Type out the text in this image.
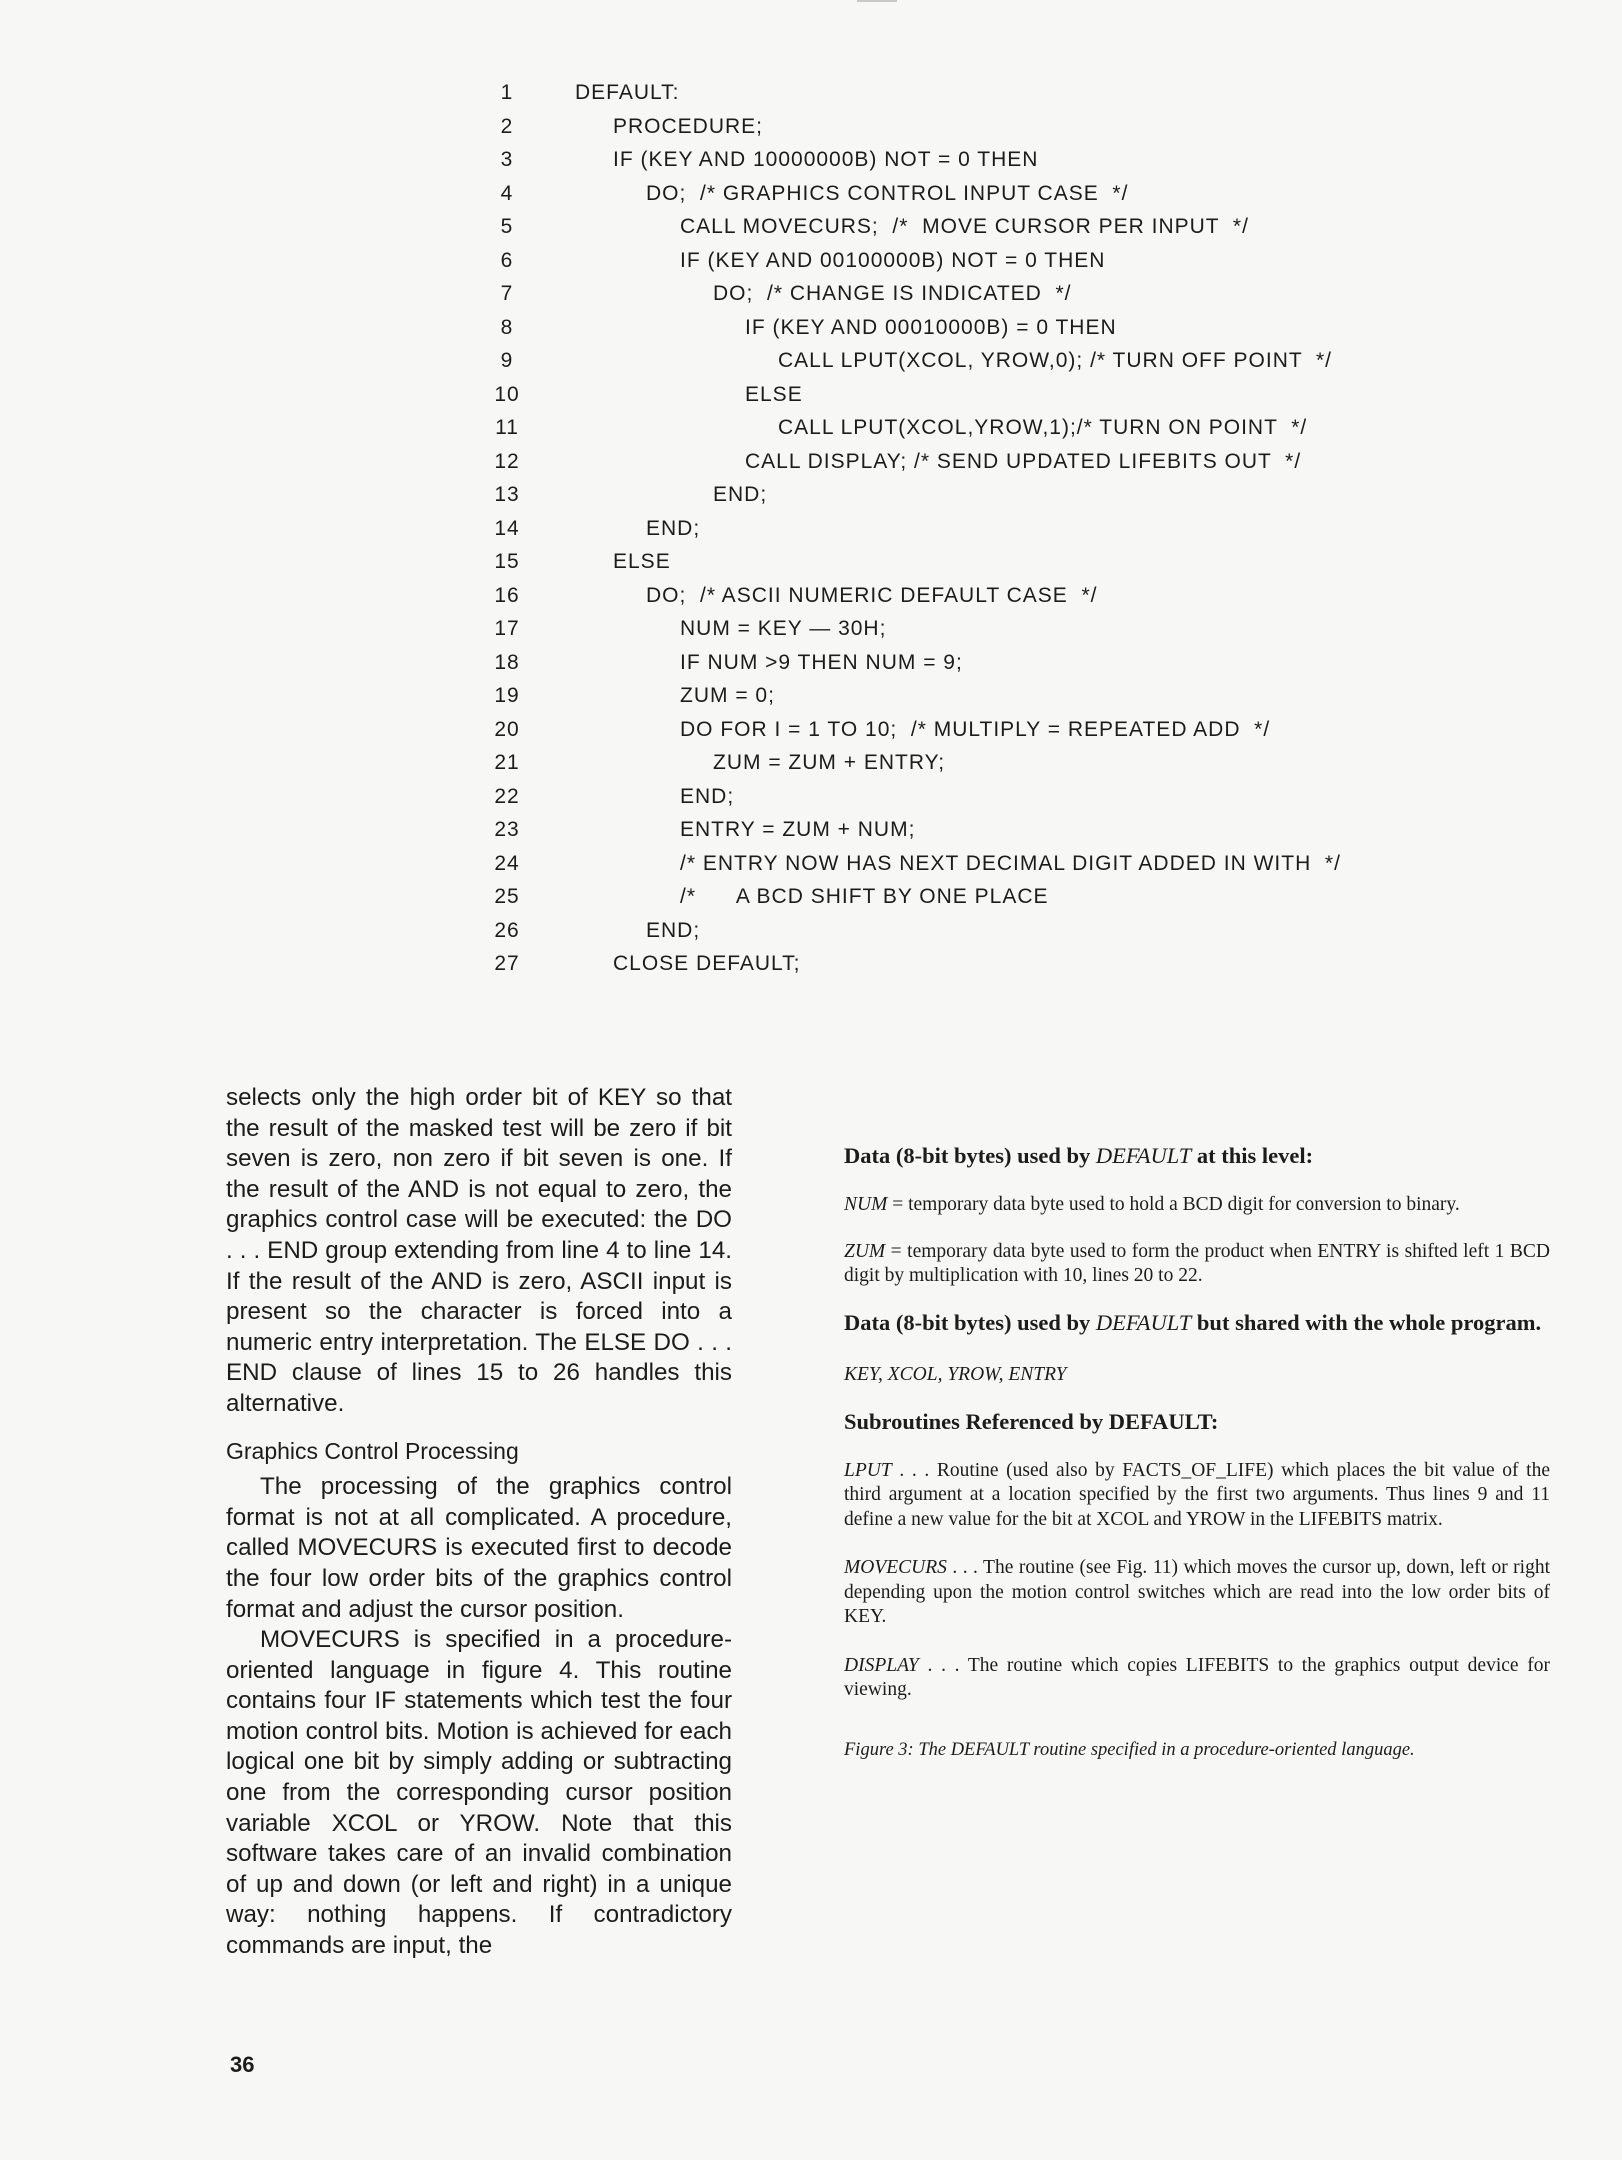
1	DEFAULT:
2	PROCEDURE;
3	IF (KEY AND 10000000B) NOT = 0 THEN
4	DO;  /* GRAPHICS CONTROL INPUT CASE  */
5	CALL MOVECURS;  /*  MOVE CURSOR PER INPUT  */
6	IF (KEY AND 00100000B) NOT = 0 THEN
7	DO;  /* CHANGE IS INDICATED  */
8	IF (KEY AND 00010000B) = 0 THEN
9	CALL LPUT(XCOL, YROW,0); /* TURN OFF POINT  */
10	ELSE
11	CALL LPUT(XCOL,YROW,1);/* TURN ON POINT  */
12	CALL DISPLAY; /* SEND UPDATED LIFEBITS OUT  */
13	END;
14	END;
15	ELSE
16	DO;  /* ASCII NUMERIC DEFAULT CASE  */
17	NUM = KEY — 30H;
18	IF NUM >9 THEN NUM = 9;
19	ZUM = 0;
20	DO FOR I = 1 TO 10;  /* MULTIPLY = REPEATED ADD  */
21	ZUM = ZUM + ENTRY;
22	END;
23	ENTRY = ZUM + NUM;
24	/* ENTRY NOW HAS NEXT DECIMAL DIGIT ADDED IN WITH  */
25	/*      A BCD SHIFT BY ONE PLACE
26	END;
27	CLOSE DEFAULT;

selects only the high order bit of KEY so that the result of the masked test will be zero if bit seven is zero, non zero if bit seven is one. If the result of the AND is not equal to zero, the graphics control case will be executed: the DO . . . END group extending from line 4 to line 14. If the result of the AND is zero, ASCII input is present so the character is forced into a numeric entry interpretation. The ELSE DO . . . END clause of lines 15 to 26 handles this alternative.

Graphics Control Processing

The processing of the graphics control format is not at all complicated. A procedure, called MOVECURS is executed first to decode the four low order bits of the graphics control format and adjust the cursor position.

MOVECURS is specified in a procedure-oriented language in figure 4. This routine contains four IF statements which test the four motion control bits. Motion is achieved for each logical one bit by simply adding or subtracting one from the corresponding cursor position variable XCOL or YROW. Note that this software takes care of an invalid combination of up and down (or left and right) in a unique way: nothing happens. If contradictory commands are input, the

Data (8-bit bytes) used by DEFAULT at this level:

NUM = temporary data byte used to hold a BCD digit for conversion to binary.

ZUM = temporary data byte used to form the product when ENTRY is shifted left 1 BCD digit by multiplication with 10, lines 20 to 22.

Data (8-bit bytes) used by DEFAULT but shared with the whole program.

KEY, XCOL, YROW, ENTRY

Subroutines Referenced by DEFAULT:

LPUT . . . Routine (used also by FACTS_OF_LIFE) which places the bit value of the third argument at a location specified by the first two arguments. Thus lines 9 and 11 define a new value for the bit at XCOL and YROW in the LIFEBITS matrix.

MOVECURS . . . The routine (see Fig. 11) which moves the cursor up, down, left or right depending upon the motion control switches which are read into the low order bits of KEY.

DISPLAY . . . The routine which copies LIFEBITS to the graphics output device for viewing.

Figure 3: The DEFAULT routine specified in a procedure-oriented language.

36
